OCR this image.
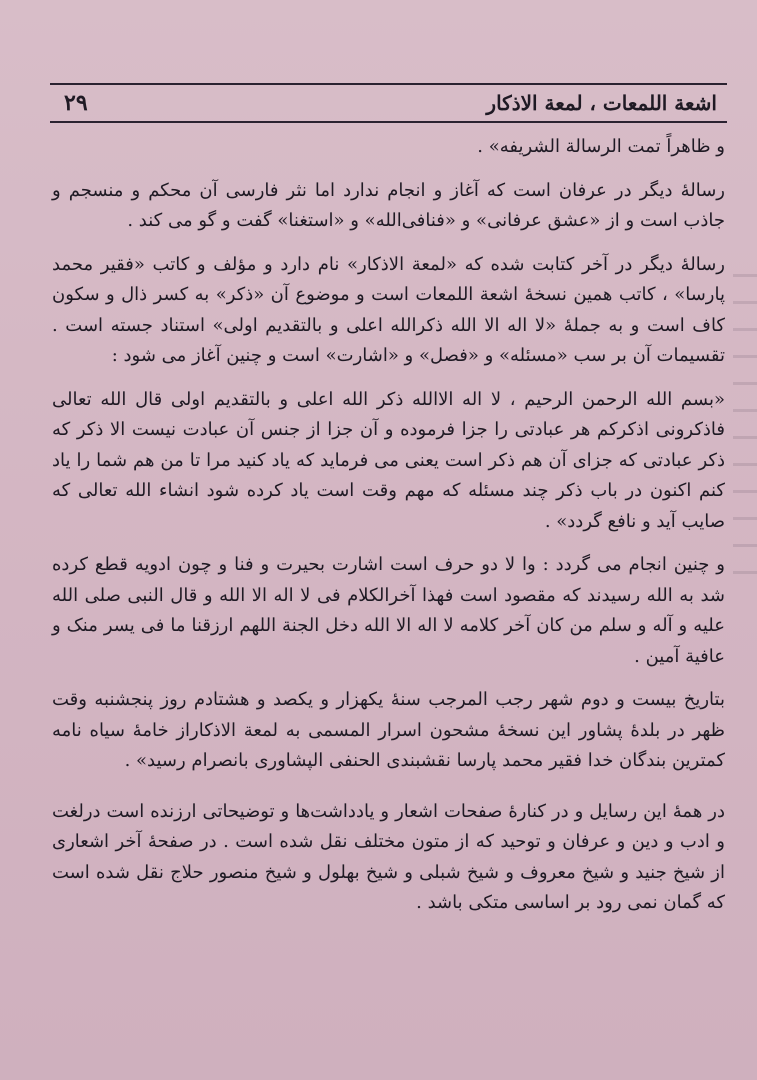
۲۹	اشعة اللمعات ، لمعة الاذکار

و ظاهراً تمت الرسالة الشریفه» .

رسالهٔ دیگر در عرفان است که آغاز و انجام ندارد اما نثر فارسی آن محکم و منسجم و جاذب است و از «عشق عرفانی» و «فنافی‌الله» و «استغنا» گفت و گو می کند .

رسالهٔ دیگر در آخر کتابت شده که «لمعة الاذکار» نام دارد و مؤلف و کاتب «فقیر محمد پارسا» ، کاتب همین نسخهٔ اشعة اللمعات است و موضوع آن «ذکر» به کسر ذال و سکون کاف است و به جملهٔ «لا اله الا الله ذکرالله اعلی و بالتقدیم اولی» استناد جسته است . تقسیمات آن بر سب «مسئله» و «فصل» و «اشارت» است و چنین آغاز می شود :

«بسم الله الرحمن الرحیم ، لا اله الاالله ذکر الله اعلی و بالتقدیم اولی قال الله تعالی فاذکرونی اذکرکم هر عبادتی را جزا فرموده و آن جزا از جنس آن عبادت نیست الا ذکر که ذکر عبادتی که جزای آن هم ذکر است یعنی می فرماید که یاد کنید مرا تا من هم شما را یاد کنم اکنون در باب ذکر چند مسئله که مهم وقت است یاد کرده شود انشاء الله تعالی که صایب آید و نافع گردد» .

و چنین انجام می گردد : وا لا دو حرف است اشارت بحیرت و فنا و چون ادویه قطع کرده شد به الله رسیدند که مقصود است فهذا آخرالکلام فی لا اله الا الله و قال النبی صلی الله علیه و آله و سلم من کان آخر کلامه لا اله الا الله دخل الجنة اللهم ارزقنا ما فی یسر منک و عافیة آمین .

بتاریخ بیست و دوم شهر رجب المرجب سنهٔ یکهزار و یکصد و هشتادم روز پنجشنبه وقت ظهر در بلدهٔ پشاور این نسخهٔ مشحون اسرار المسمی به لمعة الاذکاراز خامهٔ سیاه نامه کمترین بندگان خدا فقیر محمد پارسا نقشبندی الحنفی الپشاوری بانصرام رسید» .

در همهٔ این رسایل و در کنارهٔ صفحات اشعار و یادداشت‌ها و توضیحاتی ارزنده است درلغت و ادب و دین و عرفان و توحید که از متون مختلف نقل شده است . در صفحهٔ آخر اشعاری از شیخ جنید و شیخ معروف و شیخ شبلی و شیخ بهلول و شیخ منصور حلاج نقل شده است که گمان نمی رود بر اساسی متکی باشد .
